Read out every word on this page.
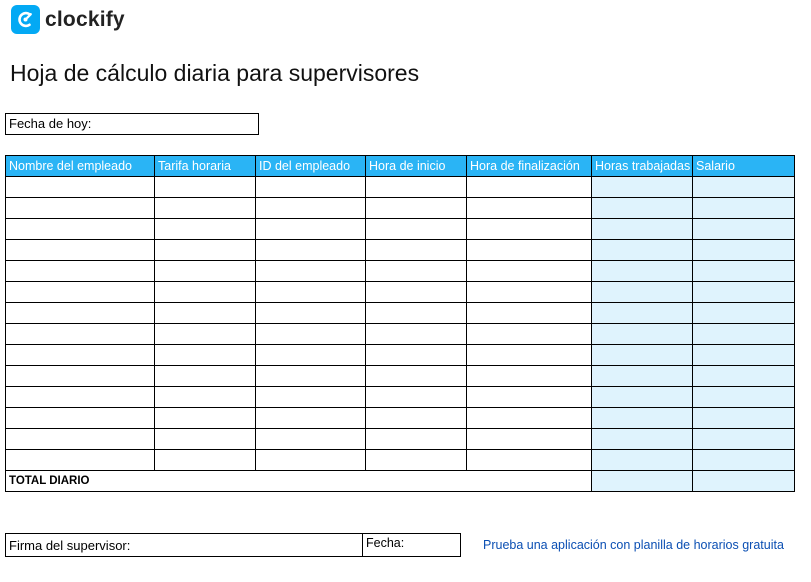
clockify
Hoja de cálculo diaria para supervisores
Fecha de hoy:
Nombre del empleado	Tarifa horaria	ID del empleado	Hora de inicio	Hora de finalización	Horas trabajadas	Salario

TOTAL DIARIO						
Firma del supervisor:	Fecha:	Prueba una aplicación con planilla de horarios gratuita
